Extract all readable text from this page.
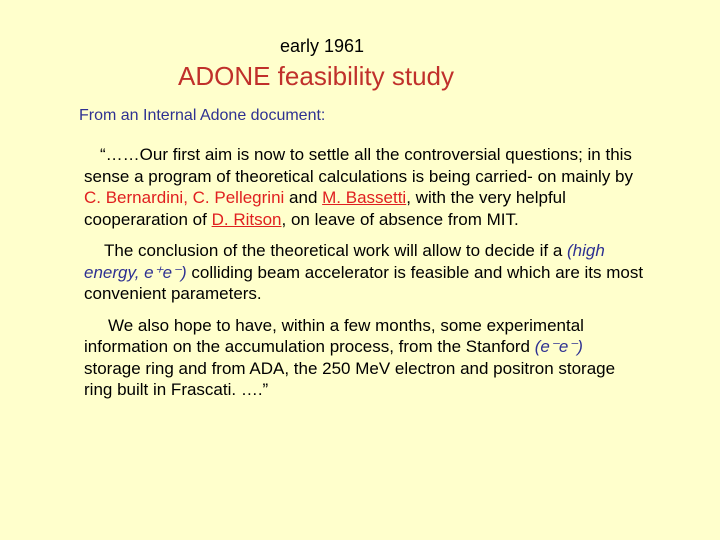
early 1961
ADONE feasibility study
From an Internal Adone document:

“……Our first aim is now to settle all the controversial questions; in this sense a program of theoretical calculations is being carried- on mainly by C. Bernardini, C. Pellegrini and M. Bassetti, with the very helpful cooperaration of D. Ritson, on leave of absence from MIT.

The conclusion of the theoretical work will allow to decide if a (high energy, e⁺e⁻) colliding beam accelerator is feasible and which are its most convenient parameters.

We also hope to have, within a few months, some experimental information on the accumulation process, from the Stanford (e⁻e⁻) storage ring and from ADA, the 250 MeV electron and positron storage ring built in Frascati. ….”
